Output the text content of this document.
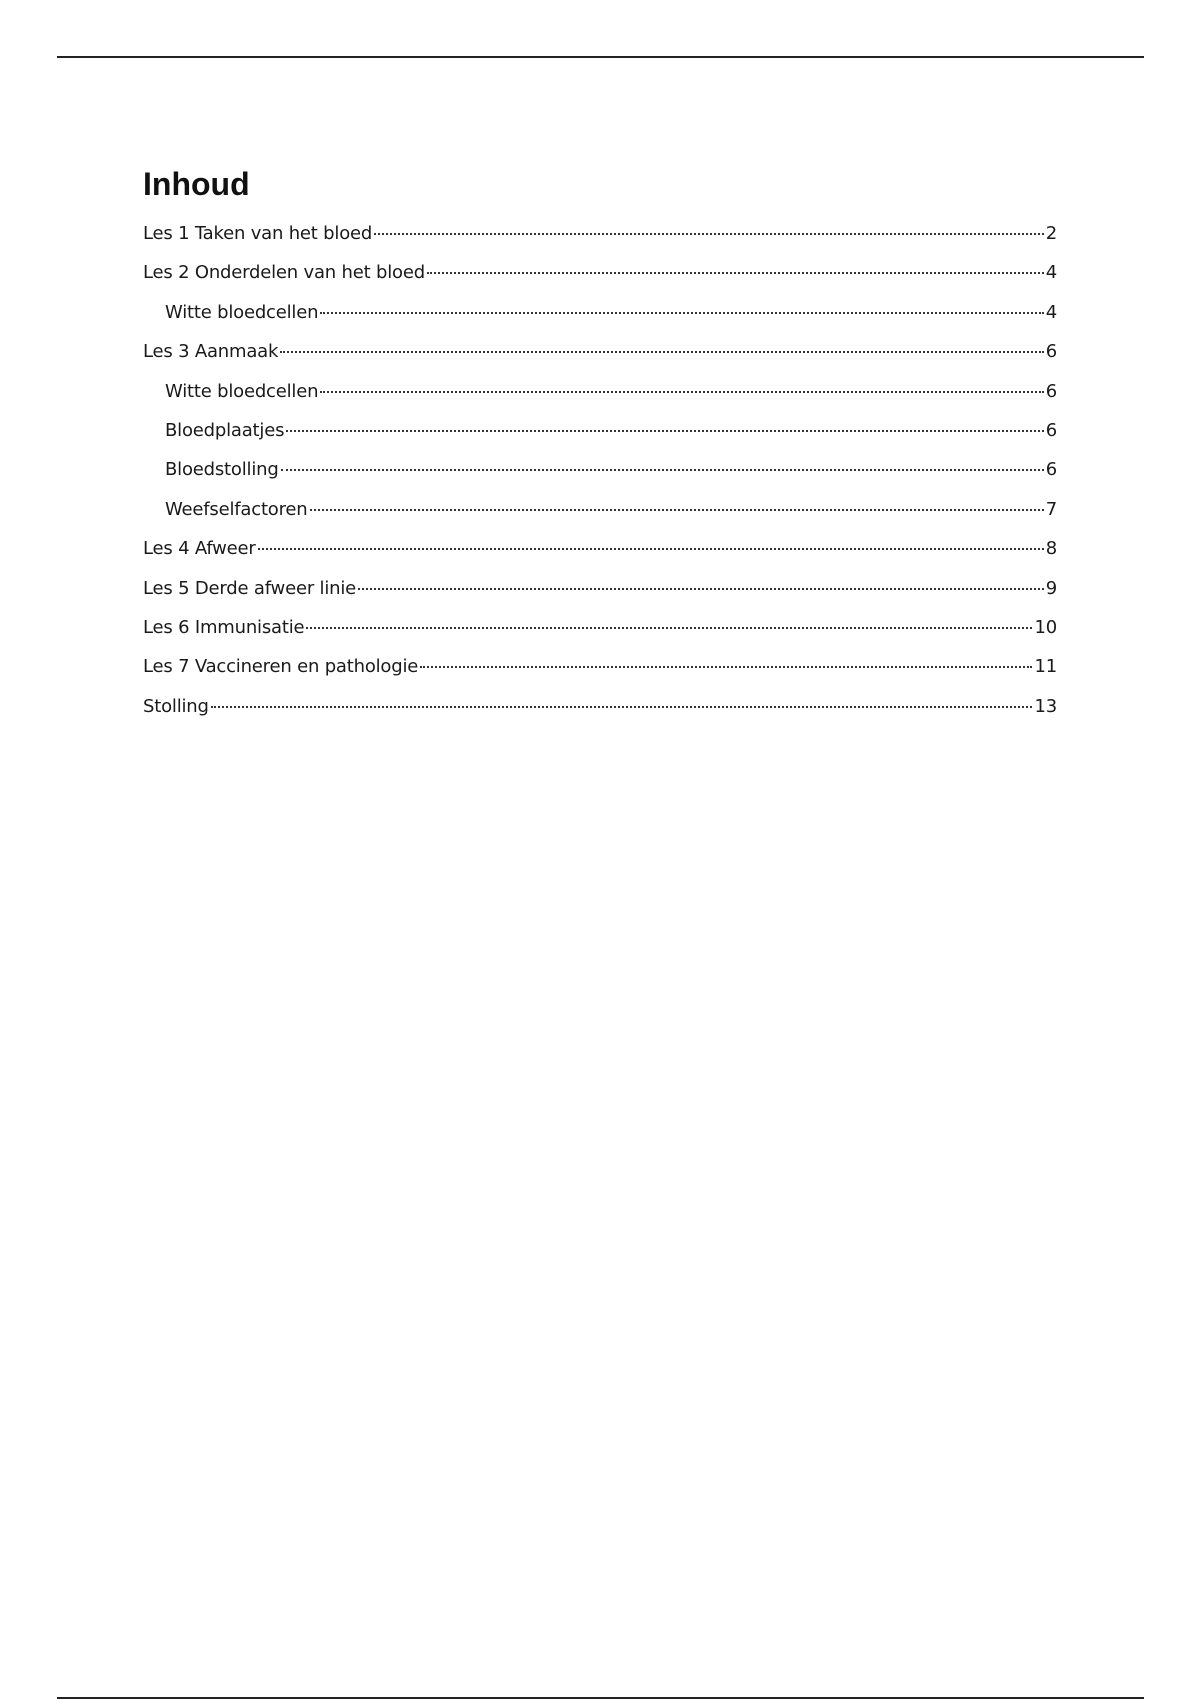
Inhoud
Les 1 Taken van het bloed	2
Les 2 Onderdelen van het bloed	4
Witte bloedcellen	4
Les 3 Aanmaak	6
Witte bloedcellen	6
Bloedplaatjes	6
Bloedstolling	6
Weefselfactoren	7
Les 4 Afweer	8
Les 5 Derde afweer linie	9
Les 6 Immunisatie	10
Les 7 Vaccineren en pathologie	11
Stolling	13
